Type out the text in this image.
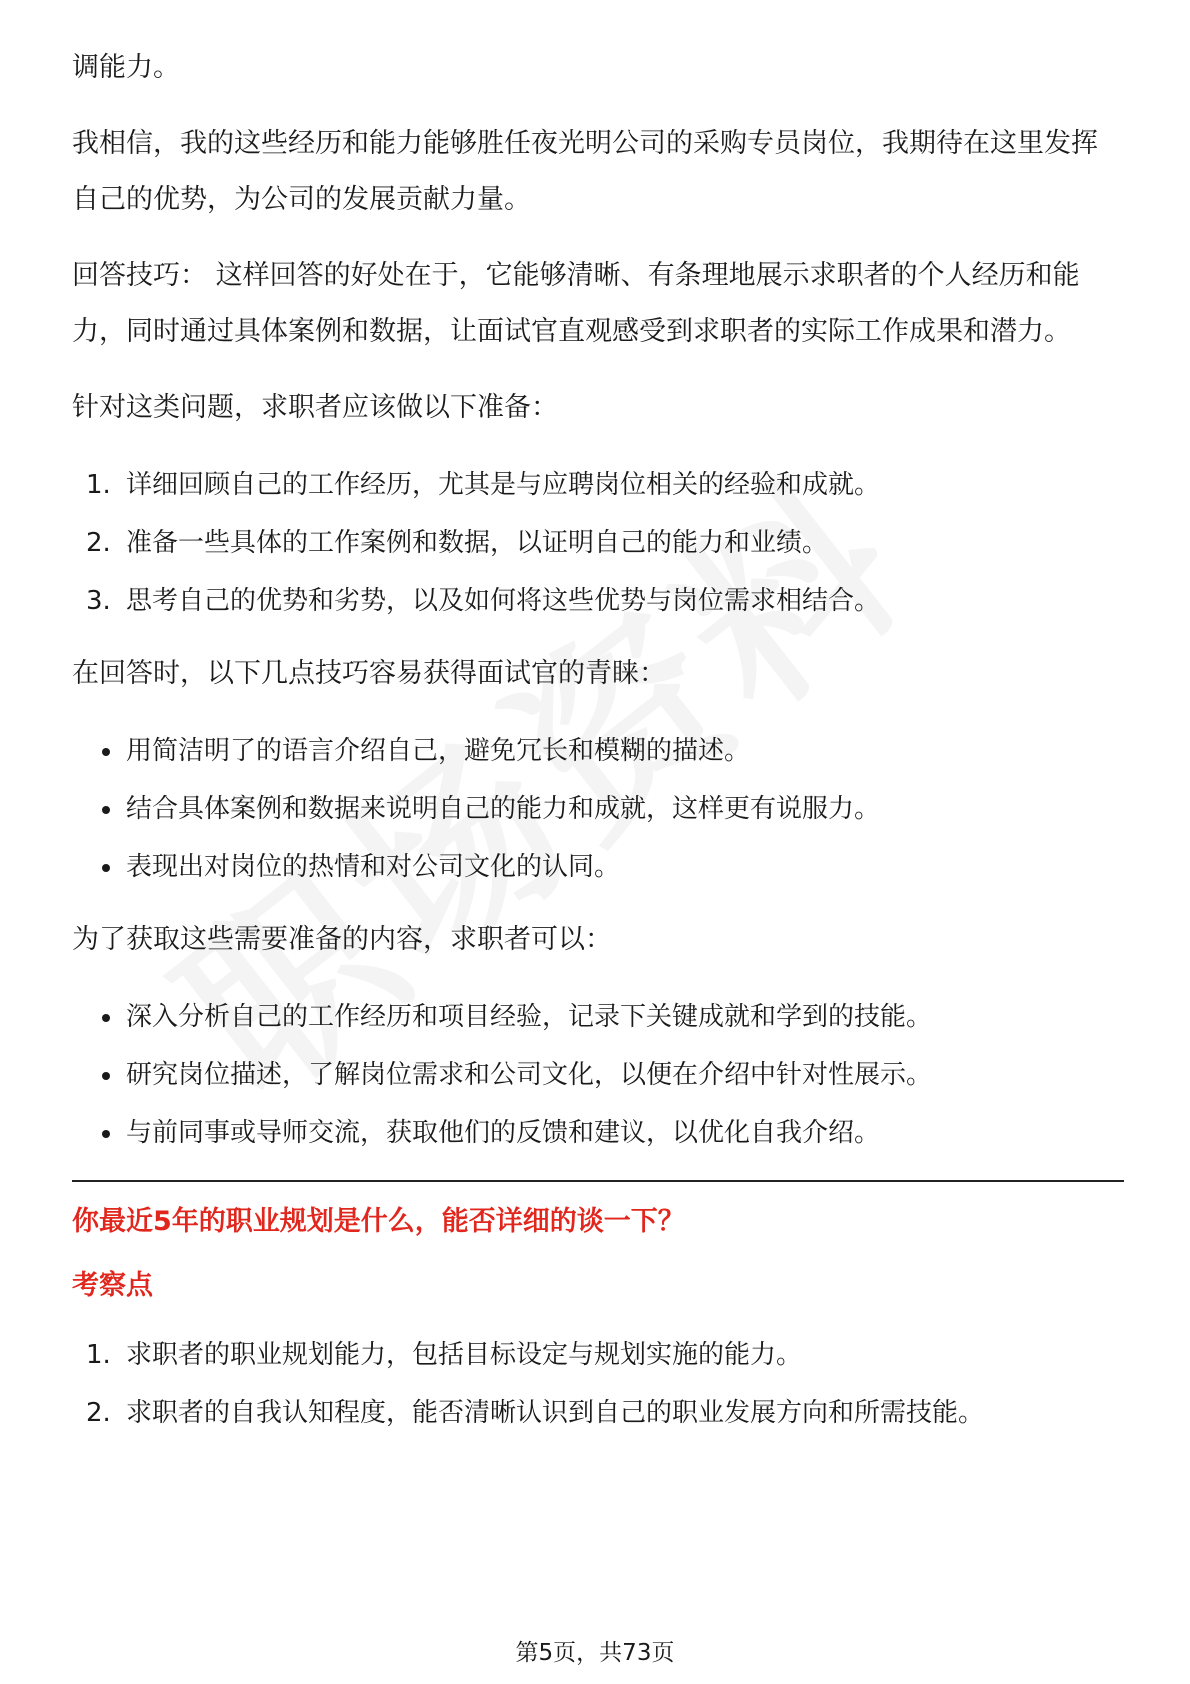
调能力。

我相信，我的这些经历和能力能够胜任夜光明公司的采购专员岗位，我期待在这里发挥自己的优势，为公司的发展贡献力量。

回答技巧： 这样回答的好处在于，它能够清晰、有条理地展示求职者的个人经历和能力，同时通过具体案例和数据，让面试官直观感受到求职者的实际工作成果和潜力。

针对这类问题，求职者应该做以下准备：

1. 详细回顾自己的工作经历，尤其是与应聘岗位相关的经验和成就。
2. 准备一些具体的工作案例和数据，以证明自己的能力和业绩。
3. 思考自己的优势和劣势，以及如何将这些优势与岗位需求相结合。

在回答时，以下几点技巧容易获得面试官的青睐：

用简洁明了的语言介绍自己，避免冗长和模糊的描述。
结合具体案例和数据来说明自己的能力和成就，这样更有说服力。
表现出对岗位的热情和对公司文化的认同。

为了获取这些需要准备的内容，求职者可以：

深入分析自己的工作经历和项目经验，记录下关键成就和学到的技能。
研究岗位描述，了解岗位需求和公司文化，以便在介绍中针对性展示。
与前同事或导师交流，获取他们的反馈和建议，以优化自我介绍。
你最近5年的职业规划是什么，能否详细的谈一下？
考察点
1. 求职者的职业规划能力，包括目标设定与规划实施的能力。
2. 求职者的自我认知程度，能否清晰认识到自己的职业发展方向和所需技能。
第5页，共73页
